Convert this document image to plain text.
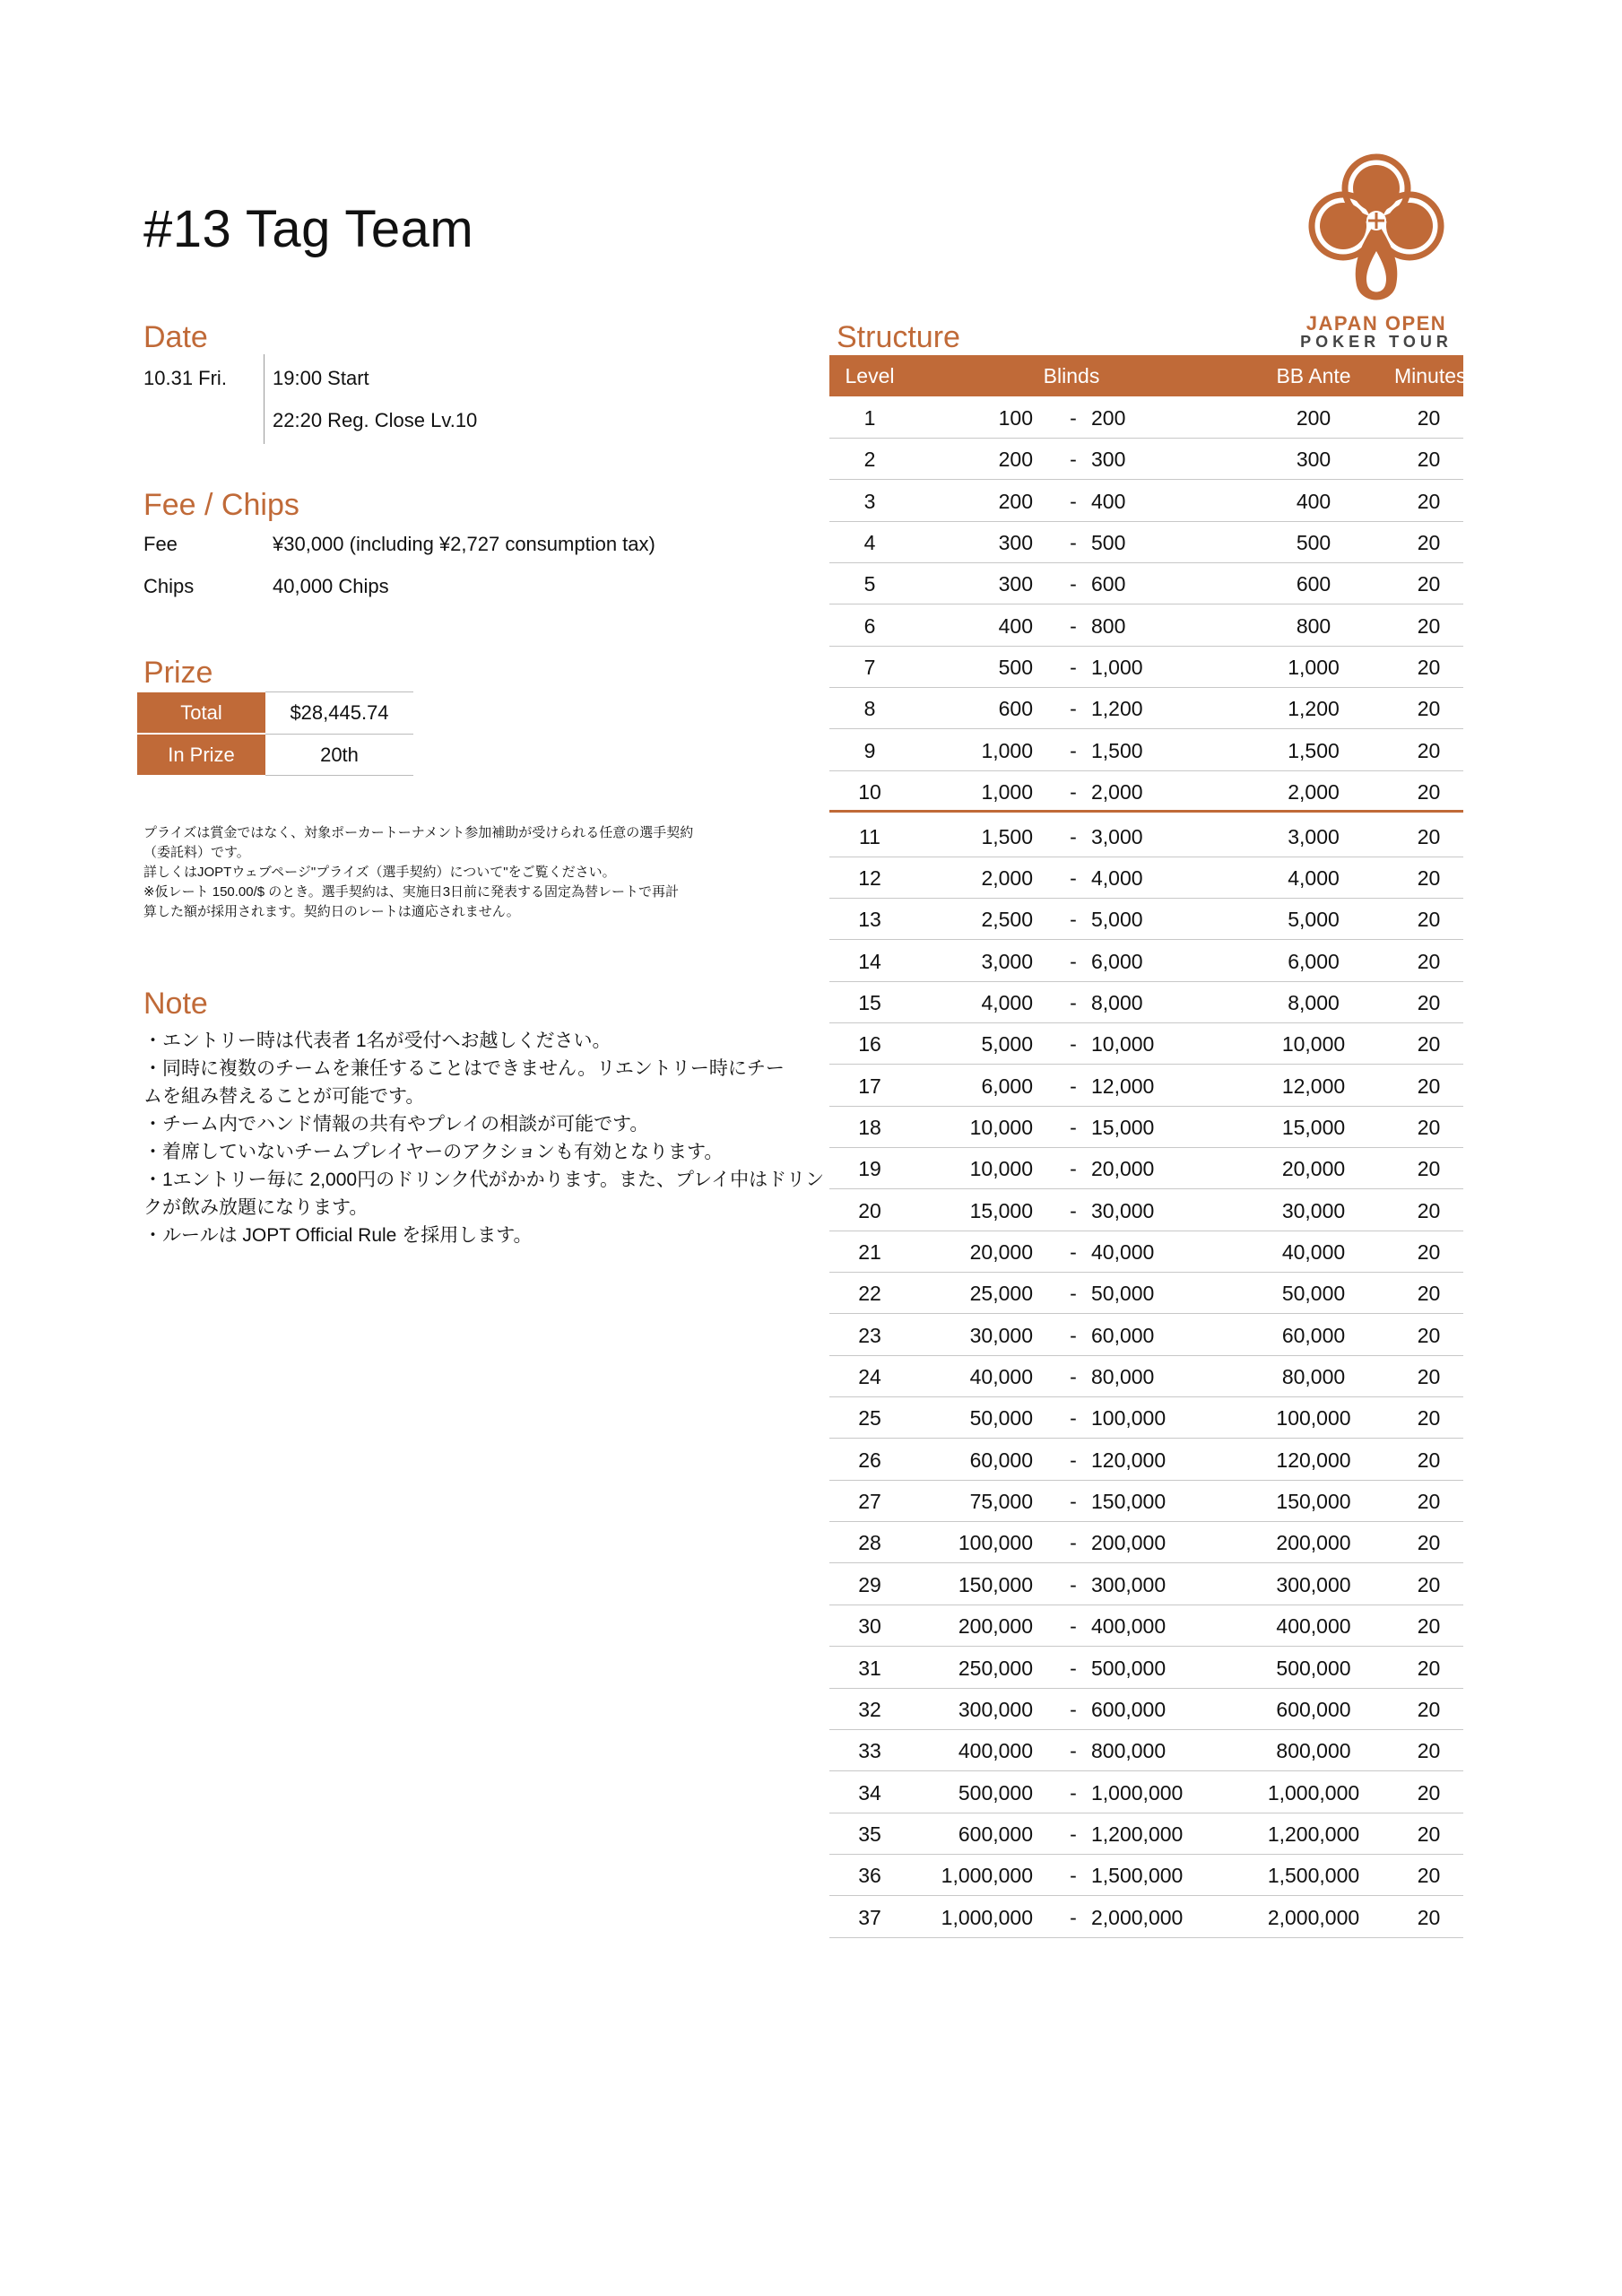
#13 Tag Team
JAPAN OPEN
POKER TOUR
Date
10.31 Fri. 19:00 Start
22:20 Reg. Close Lv.10
Fee / Chips
Fee	¥30,000 (including ¥2,727 consumption tax)
Chips	40,000 Chips
Prize
Total	$28,445.74
In Prize	20th
プライズは賞金ではなく、対象ポーカートーナメント参加補助が受けられる任意の選手契約
（委託料）です。
詳しくはJOPTウェブページ"プライズ（選手契約）について"をご覧ください。
※仮レート 150.00/$ のとき。選手契約は、実施日3日前に発表する固定為替レートで再計
算した額が採用されます。契約日のレートは適応されません。
Note
・エントリー時は代表者 1名が受付へお越しください。
・同時に複数のチームを兼任することはできません。リエントリー時にチー
ムを組み替えることが可能です。
・チーム内でハンド情報の共有やプレイの相談が可能です。
・着席していないチームプレイヤーのアクションも有効となります。
・1エントリー毎に 2,000円のドリンク代がかかります。また、プレイ中はドリン
クが飲み放題になります。
・ルールは JOPT Official Rule を採用します。
Structure
Level	Blinds	BB Ante	Minutes
1	100 - 200	200	20
2	200 - 300	300	20
3	200 - 400	400	20
4	300 - 500	500	20
5	300 - 600	600	20
6	400 - 800	800	20
7	500 - 1,000	1,000	20
8	600 - 1,200	1,200	20
9	1,000 - 1,500	1,500	20
10	1,000 - 2,000	2,000	20
11	1,500 - 3,000	3,000	20
12	2,000 - 4,000	4,000	20
13	2,500 - 5,000	5,000	20
14	3,000 - 6,000	6,000	20
15	4,000 - 8,000	8,000	20
16	5,000 - 10,000	10,000	20
17	6,000 - 12,000	12,000	20
18	10,000 - 15,000	15,000	20
19	10,000 - 20,000	20,000	20
20	15,000 - 30,000	30,000	20
21	20,000 - 40,000	40,000	20
22	25,000 - 50,000	50,000	20
23	30,000 - 60,000	60,000	20
24	40,000 - 80,000	80,000	20
25	50,000 - 100,000	100,000	20
26	60,000 - 120,000	120,000	20
27	75,000 - 150,000	150,000	20
28	100,000 - 200,000	200,000	20
29	150,000 - 300,000	300,000	20
30	200,000 - 400,000	400,000	20
31	250,000 - 500,000	500,000	20
32	300,000 - 600,000	600,000	20
33	400,000 - 800,000	800,000	20
34	500,000 - 1,000,000	1,000,000	20
35	600,000 - 1,200,000	1,200,000	20
36	1,000,000 - 1,500,000	1,500,000	20
37	1,000,000 - 2,000,000	2,000,000	20
